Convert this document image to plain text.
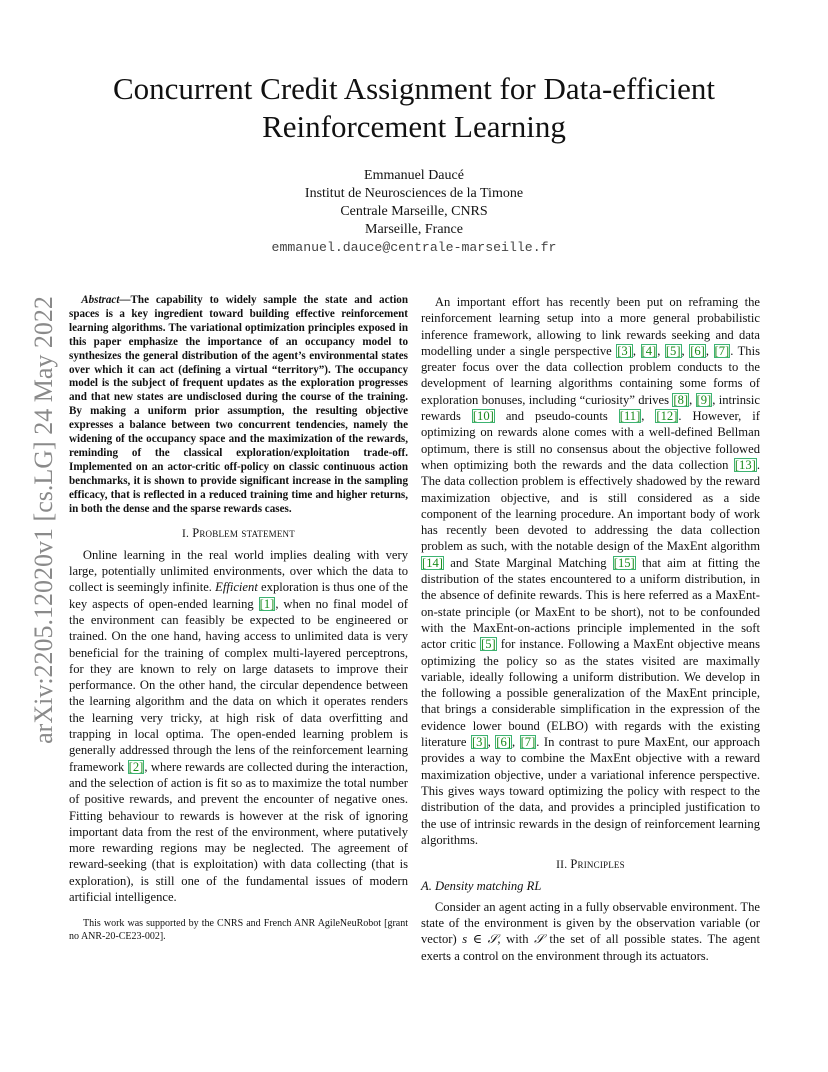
Concurrent Credit Assignment for Data-efficient
Reinforcement Learning
Emmanuel Daucé
Institut de Neurosciences de la Timone
Centrale Marseille, CNRS
Marseille, France
emmanuel.dauce@centrale-marseille.fr
arXiv:2205.12020v1 [cs.LG] 24 May 2022	Abstract—The capability to widely sample the state and action spaces is a key ingredient toward building effective reinforcement learning algorithms. The variational optimization principles exposed in this paper emphasize the importance of an occupancy model to synthesizes the general distribution of the agent’s environmental states over which it can act (defining a virtual “territory”). The occupancy model is the subject of frequent updates as the exploration progresses and that new states are undisclosed during the course of the training. By making a uniform prior assumption, the resulting objective expresses a balance between two concurrent tendencies, namely the widening of the occupancy space and the maximization of the rewards, reminding of the classical exploration/exploitation trade-off. Implemented on an actor-critic off-policy on classic continuous action benchmarks, it is shown to provide significant increase in the sampling efficacy, that is reflected in a reduced training time and higher returns, in both the dense and the sparse rewards cases.

I. Problem statement

Online learning in the real world implies dealing with very large, potentially unlimited environments, over which the data to collect is seemingly infinite. Efficient exploration is thus one of the key aspects of open-ended learning [1], when no final model of the environment can feasibly be expected to be engineered or trained. On the one hand, having access to unlimited data is very beneficial for the training of complex multi-layered perceptrons, for they are known to rely on large datasets to improve their performance. On the other hand, the circular dependence between the learning algorithm and the data on which it operates renders the learning very tricky, at high risk of data overfitting and trapping in local optima. The open-ended learning problem is generally addressed through the lens of the reinforcement learning framework [2], where rewards are collected during the interaction, and the selection of action is fit so as to maximize the total number of positive rewards, and prevent the encounter of negative ones. Fitting behaviour to rewards is however at the risk of ignoring important data from the rest of the environment, where putatively more rewarding regions may be neglected. The agreement of reward-seeking (that is exploitation) with data collecting (that is exploration), is still one of the fundamental issues of modern artificial intelligence.

This work was supported by the CNRS and French ANR AgileNeuRobot [grant no ANR-20-CE23-002].

An important effort has recently been put on reframing the reinforcement learning setup into a more general probabilistic inference framework, allowing to link rewards seeking and data modelling under a single perspective [3], [4], [5], [6], [7]. This greater focus over the data collection problem conducts to the development of learning algorithms containing some forms of exploration bonuses, including “curiosity” drives [8], [9], intrinsic rewards [10] and pseudo-counts [11], [12]. However, if optimizing on rewards alone comes with a well-defined Bellman optimum, there is still no consensus about the objective followed when optimizing both the rewards and the data collection [13]. The data collection problem is effectively shadowed by the reward maximization objective, and is still considered as a side component of the learning procedure. An important body of work has recently been devoted to addressing the data collection problem as such, with the notable design of the MaxEnt algorithm [14] and State Marginal Matching [15] that aim at fitting the distribution of the states encountered to a uniform distribution, in the absence of definite rewards. This is here referred as a MaxEnt-on-state principle (or MaxEnt to be short), not to be confounded with the MaxEnt-on-actions principle implemented in the soft actor critic [5] for instance. Following a MaxEnt objective means optimizing the policy so as the states visited are maximally variable, ideally following a uniform distribution. We develop in the following a possible generalization of the MaxEnt principle, that brings a considerable simplification in the expression of the evidence lower bound (ELBO) with regards with the existing literature [3], [6], [7]. In contrast to pure MaxEnt, our approach provides a way to combine the MaxEnt objective with a reward maximization objective, under a variational inference perspective. This gives ways toward optimizing the policy with respect to the distribution of the data, and provides a principled justification to the use of intrinsic rewards in the design of reinforcement learning algorithms.

II. Principles
A. Density matching RL

Consider an agent acting in a fully observable environment. The state of the environment is given by the observation variable (or vector) s ∈ 𝒮, with 𝒮 the set of all possible states. The agent exerts a control on the environment through its actuators.
